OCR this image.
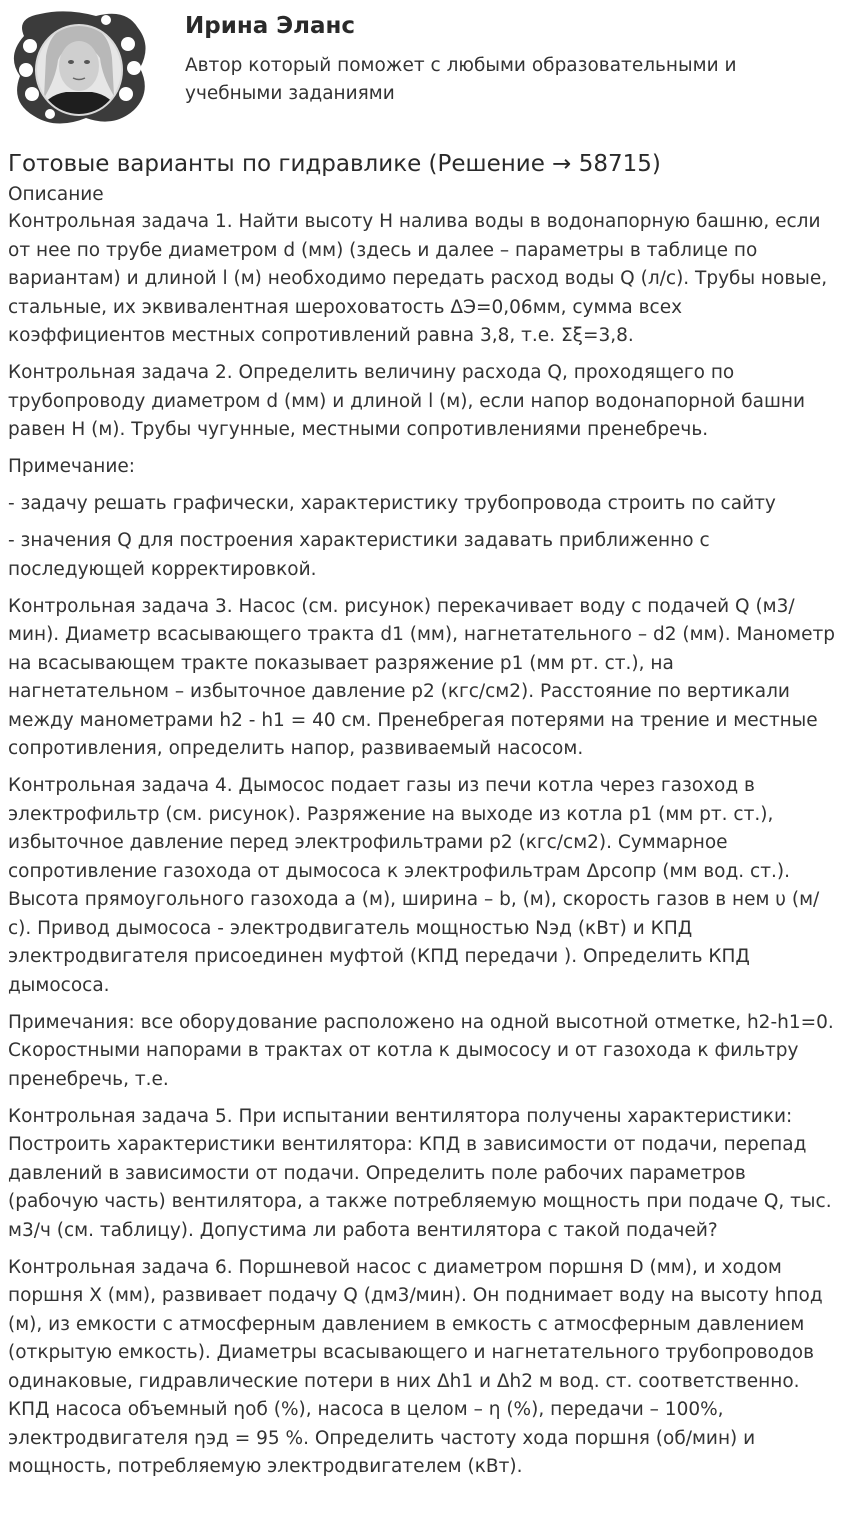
Ирина Эланс
Автор который поможет с любыми образовательными и учебными заданиями
Готовые варианты по гидравлике (Решение → 58715)
Описание

Контрольная задача 1. Найти высоту H налива воды в водонапорную башню, если от нее по трубе диаметром d (мм) (здесь и далее – параметры в таблице по вариантам) и длиной l (м) необходимо передать расход воды Q (л/с). Трубы новые, стальные, их эквивалентная шероховатость ΔЭ=0,06мм, сумма всех коэффициентов местных сопротивлений равна 3,8, т.е. Σξ=3,8.

Контрольная задача 2. Определить величину расхода Q, проходящего по трубопроводу диаметром d (мм) и длиной l (м), если напор водонапорной башни равен H (м). Трубы чугунные, местными сопротивлениями пренебречь.

Примечание:

- задачу решать графически, характеристику трубопровода строить по сайту

- значения Q для построения характеристики задавать приближенно с последующей корректировкой.

Контрольная задача 3. Насос (см. рисунок) перекачивает воду с подачей Q (м3/мин). Диаметр всасывающего тракта d1 (мм), нагнетательного – d2 (мм). Манометр на всасывающем тракте показывает разряжение p1 (мм рт. ст.), на нагнетательном – избыточное давление p2 (кгс/см2). Расстояние по вертикали между манометрами h2 - h1 = 40 см. Пренебрегая потерями на трение и местные сопротивления, определить напор, развиваемый насосом.

Контрольная задача 4. Дымосос подает газы из печи котла через газоход в электрофильтр (см. рисунок). Разряжение на выходе из котла p1 (мм рт. ст.), избыточное давление перед электрофильтрами p2 (кгс/см2). Суммарное сопротивление газохода от дымососа к электрофильтрам Δpсопр (мм вод. ст.). Высота прямоугольного газохода a (м), ширина – b, (м), скорость газов в нем υ (м/с). Привод дымососа - электродвигатель мощностью Nэд (кВт) и КПД электродвигателя присоединен муфтой (КПД передачи ). Определить КПД дымососа.

Примечания: все оборудование расположено на одной высотной отметке, h2-h1=0. Скоростными напорами в трактах от котла к дымососу и от газохода к фильтру пренебречь, т.е.

Контрольная задача 5. При испытании вентилятора получены характеристики: Построить характеристики вентилятора: КПД в зависимости от подачи, перепад давлений в зависимости от подачи. Определить поле рабочих параметров (рабочую часть) вентилятора, а также потребляемую мощность при подаче Q, тыс. м3/ч (см. таблицу). Допустима ли работа вентилятора с такой подачей?

Контрольная задача 6. Поршневой насос с диаметром поршня D (мм), и ходом поршня X (мм), развивает подачу Q (дм3/мин). Он поднимает воду на высоту hпод (м), из емкости с атмосферным давлением в емкость с атмосферным давлением (открытую емкость). Диаметры всасывающего и нагнетательного трубопроводов одинаковые, гидравлические потери в них Δh1 и Δh2 м вод. ст. соответственно. КПД насоса объемный ηоб (%), насоса в целом – η (%), передачи – 100%, электродвигателя ηэд = 95 %. Определить частоту хода поршня (об/мин) и мощность, потребляемую электродвигателем (кВт).
